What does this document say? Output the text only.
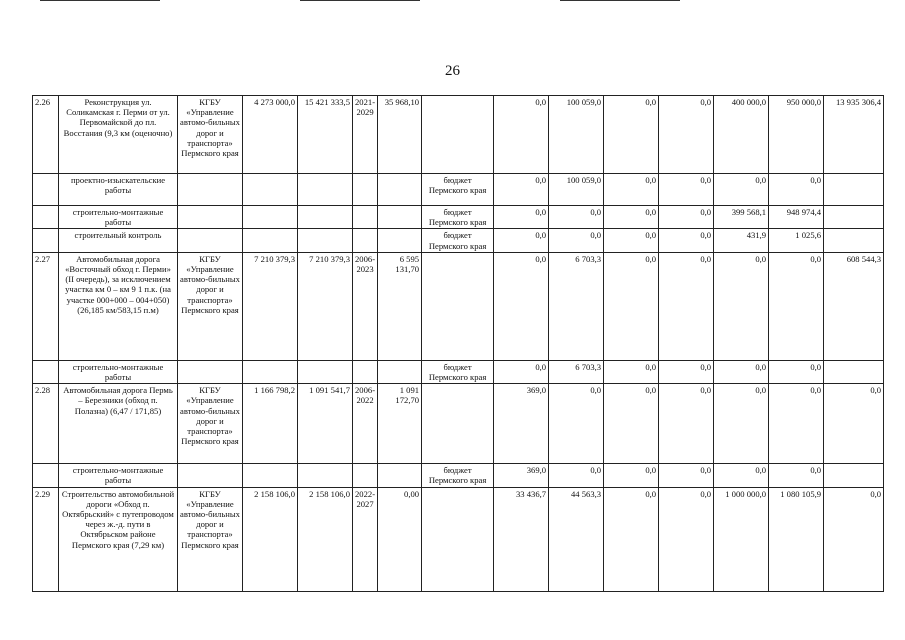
26
2.26	Реконструкция ул. Соликамская г. Перми от ул. Первомайской до пл. Восстания (9,3 км (оценочно)	КГБУ «Управление автомо-бильных дорог и транспорта» Пермского края	4 273 000,0	15 421 333,5	2021-2029	35 968,10		0,0	100 059,0	0,0	0,0	400 000,0	950 000,0	13 935 306,4
	проектно-изыскательские работы						бюджет Пермского края	0,0	100 059,0	0,0	0,0	0,0	0,0	
	строительно-монтажные работы						бюджет Пермского края	0,0	0,0	0,0	0,0	399 568,1	948 974,4	
	строительный контроль						бюджет Пермского края	0,0	0,0	0,0	0,0	431,9	1 025,6	
2.27	Автомобильная дорога «Восточный обход г. Перми» (II очередь), за исключением участка км 0 – км 9 1 п.к. (на участке 000+000 – 004+050) (26,185 км/583,15 п.м)	КГБУ «Управление автомо-бильных дорог и транспорта» Пермского края	7 210 379,3	7 210 379,3	2006-2023	6 595 131,70		0,0	6 703,3	0,0	0,0	0,0	0,0	608 544,3
	строительно-монтажные работы						бюджет Пермского края	0,0	6 703,3	0,0	0,0	0,0	0,0	
2.28	Автомобильная дорога Пермь – Березники (обход п. Полазна) (6,47 / 171,85)	КГБУ «Управление автомо-бильных дорог и транспорта» Пермского края	1 166 798,2	1 091 541,7	2006-2022	1 091 172,70		369,0	0,0	0,0	0,0	0,0	0,0	0,0
	строительно-монтажные работы						бюджет Пермского края	369,0	0,0	0,0	0,0	0,0	0,0	
2.29	Строительство автомобильной дороги «Обход п. Октябрьский» с путепроводом через ж.-д. пути в Октябрьском районе Пермского края (7,29 км)	КГБУ «Управление автомо-бильных дорог и транспорта» Пермского края	2 158 106,0	2 158 106,0	2022-2027	0,00		33 436,7	44 563,3	0,0	0,0	1 000 000,0	1 080 105,9	0,0
